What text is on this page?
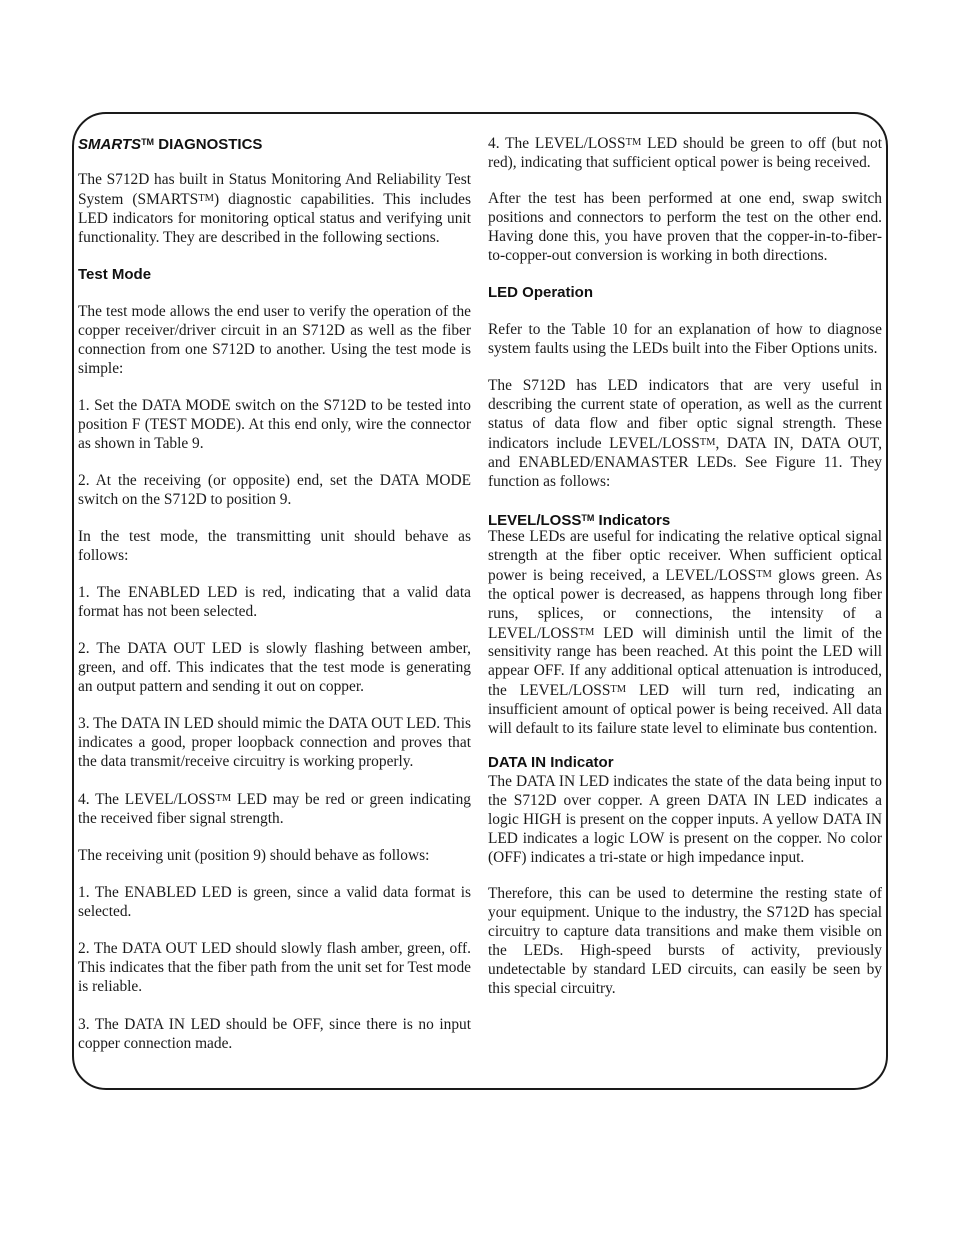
SMARTS™ DIAGNOSTICS

The S712D has built in Status Monitoring And Reliability Test System (SMARTSTM) diagnostic capabilities. This includes LED indicators for monitoring optical status and verifying unit functionality. They are described in the following sections.

Test Mode

The test mode allows the end user to verify the operation of the copper receiver/driver circuit in an S712D as well as the fiber connection from one S712D to another. Using the test mode is simple:

1. Set the DATA MODE switch on the S712D to be tested into position F (TEST MODE). At this end only, wire the connector as shown in Table 9.

2. At the receiving (or opposite) end, set the DATA MODE switch on the S712D to position 9.

In the test mode, the transmitting unit should behave as follows:

1. The ENABLED LED is red, indicating that a valid data format has not been selected.

2. The DATA OUT LED is slowly flashing between amber, green, and off. This indicates that the test mode is generating an output pattern and sending it out on copper.

3. The DATA IN LED should mimic the DATA OUT LED. This indicates a good, proper loopback connection and proves that the data transmit/receive circuitry is working properly.

4. The LEVEL/LOSSTM LED may be red or green indicating the received fiber signal strength.

The receiving unit (position 9) should behave as follows:

1. The ENABLED LED is green, since a valid data format is selected.

2. The DATA OUT LED should slowly flash amber, green, off. This indicates that the fiber path from the unit set for Test mode is reliable.

3. The DATA IN LED should be OFF, since there is no input copper connection made.

4. The LEVEL/LOSSTM LED should be green to off (but not red), indicating that sufficient optical power is being received.

After the test has been performed at one end, swap switch positions and connectors to perform the test on the other end. Having done this, you have proven that the copper-in-to-fiber-to-copper-out conversion is working in both directions.

LED Operation

Refer to the Table 10 for an explanation of how to diagnose system faults using the LEDs built into the Fiber Options units.

The S712D has LED indicators that are very useful in describing the current state of operation, as well as the current status of data flow and fiber optic signal strength. These indicators include LEVEL/LOSSTM, DATA IN, DATA OUT, and ENABLED/ENAMASTER LEDs. See Figure 11. They function as follows:

LEVEL/LOSS™ Indicators

These LEDs are useful for indicating the relative optical signal strength at the fiber optic receiver. When sufficient optical power is being received, a LEVEL/LOSSTM glows green. As the optical power is decreased, as happens through long fiber runs, splices, or connections, the intensity of a LEVEL/LOSSTM LED will diminish until the limit of the sensitivity range has been reached. At this point the LED will appear OFF. If any additional optical attenuation is introduced, the LEVEL/LOSSTM LED will turn red, indicating an insufficient amount of optical power is being received. All data will default to its failure state level to eliminate bus contention.

DATA IN Indicator

The DATA IN LED indicates the state of the data being input to the S712D over copper. A green DATA IN LED indicates a logic HIGH is present on the copper inputs. A yellow DATA IN LED indicates a logic LOW is present on the copper. No color (OFF) indicates a tri-state or high impedance input.

Therefore, this can be used to determine the resting state of your equipment. Unique to the industry, the S712D has special circuitry to capture data transitions and make them visible on the LEDs. High-speed bursts of activity, previously undetectable by standard LED circuits, can easily be seen by this special circuitry.
